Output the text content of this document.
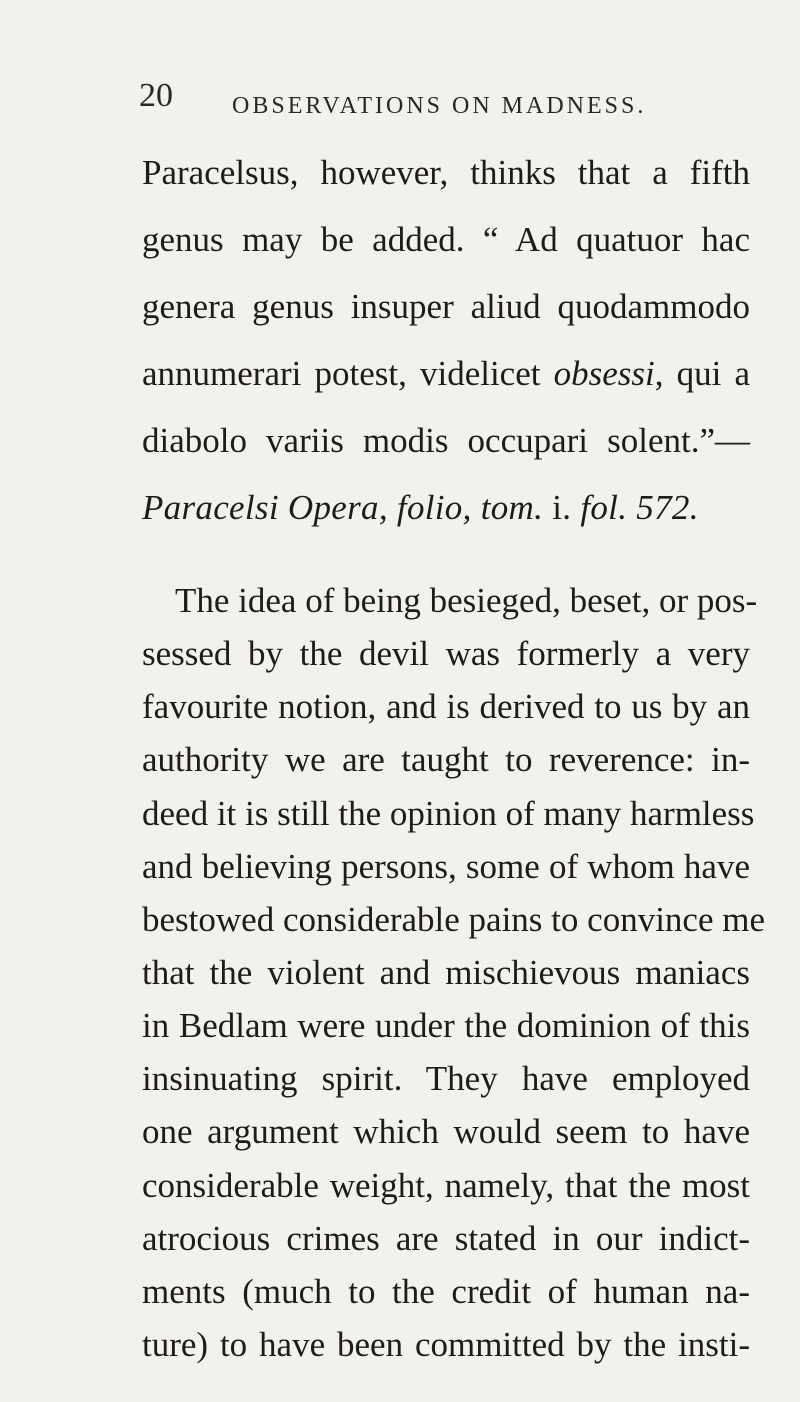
20 OBSERVATIONS ON MADNESS.
Paracelsus, however, thinks that a fifth
genus may be added. “ Ad quatuor hac
genera genus insuper aliud quodammodo
annumerari potest, videlicet obsessi, qui a
diabolo variis modis occupari solent.”—
Paracelsi Opera, folio, tom. i. fol. 572.
The idea of being besieged, beset, or pos-
sessed by the devil was formerly a very
favourite notion, and is derived to us by an
authority we are taught to reverence: in-
deed it is still the opinion of many harmless
and believing persons, some of whom have
bestowed considerable pains to convince me
that the violent and mischievous maniacs
in Bedlam were under the dominion of this
insinuating spirit. They have employed
one argument which would seem to have
considerable weight, namely, that the most
atrocious crimes are stated in our indict-
ments (much to the credit of human na-
ture) to have been committed by the insti-
